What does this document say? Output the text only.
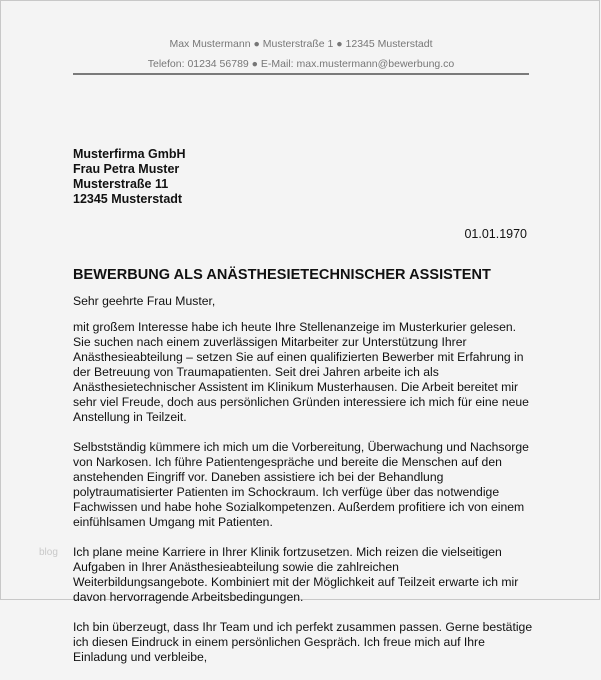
Max Mustermann ● Musterstraße 1 ● 12345 Musterstadt
Telefon: 01234 56789 ● E-Mail: max.mustermann@bewerbung.co
Musterfirma GmbH
Frau Petra Muster
Musterstraße 11
12345 Musterstadt
01.01.1970
BEWERBUNG ALS ANÄSTHESIETECHNISCHER ASSISTENT

Sehr geehrte Frau Muster,

mit großem Interesse habe ich heute Ihre Stellenanzeige im Musterkurier gelesen. Sie suchen nach einem zuverlässigen Mitarbeiter zur Unterstützung Ihrer Anästhesieabteilung – setzen Sie auf einen qualifizierten Bewerber mit Erfahrung in der Betreuung von Traumapatienten. Seit drei Jahren arbeite ich als Anästhesietechnischer Assistent im Klinikum Musterhausen. Die Arbeit bereitet mir sehr viel Freude, doch aus persönlichen Gründen interessiere ich mich für eine neue Anstellung in Teilzeit.

Selbstständig kümmere ich mich um die Vorbereitung, Überwachung und Nachsorge von Narkosen. Ich führe Patientengespräche und bereite die Menschen auf den anstehenden Eingriff vor. Daneben assistiere ich bei der Behandlung polytraumatisierter Patienten im Schockraum. Ich verfüge über das notwendige Fachwissen und habe hohe Sozialkompetenzen. Außerdem profitiere ich von einem einfühlsamen Umgang mit Patienten.

Ich plane meine Karriere in Ihrer Klinik fortzusetzen. Mich reizen die vielseitigen Aufgaben in Ihrer Anästhesieabteilung sowie die zahlreichen Weiterbildungsangebote. Kombiniert mit der Möglichkeit auf Teilzeit erwarte ich mir davon hervorragende Arbeitsbedingungen.

Ich bin überzeugt, dass Ihr Team und ich perfekt zusammen passen. Gerne bestätige ich diesen Eindruck in einem persönlichen Gespräch. Ich freue mich auf Ihre Einladung und verbleibe,

blog
